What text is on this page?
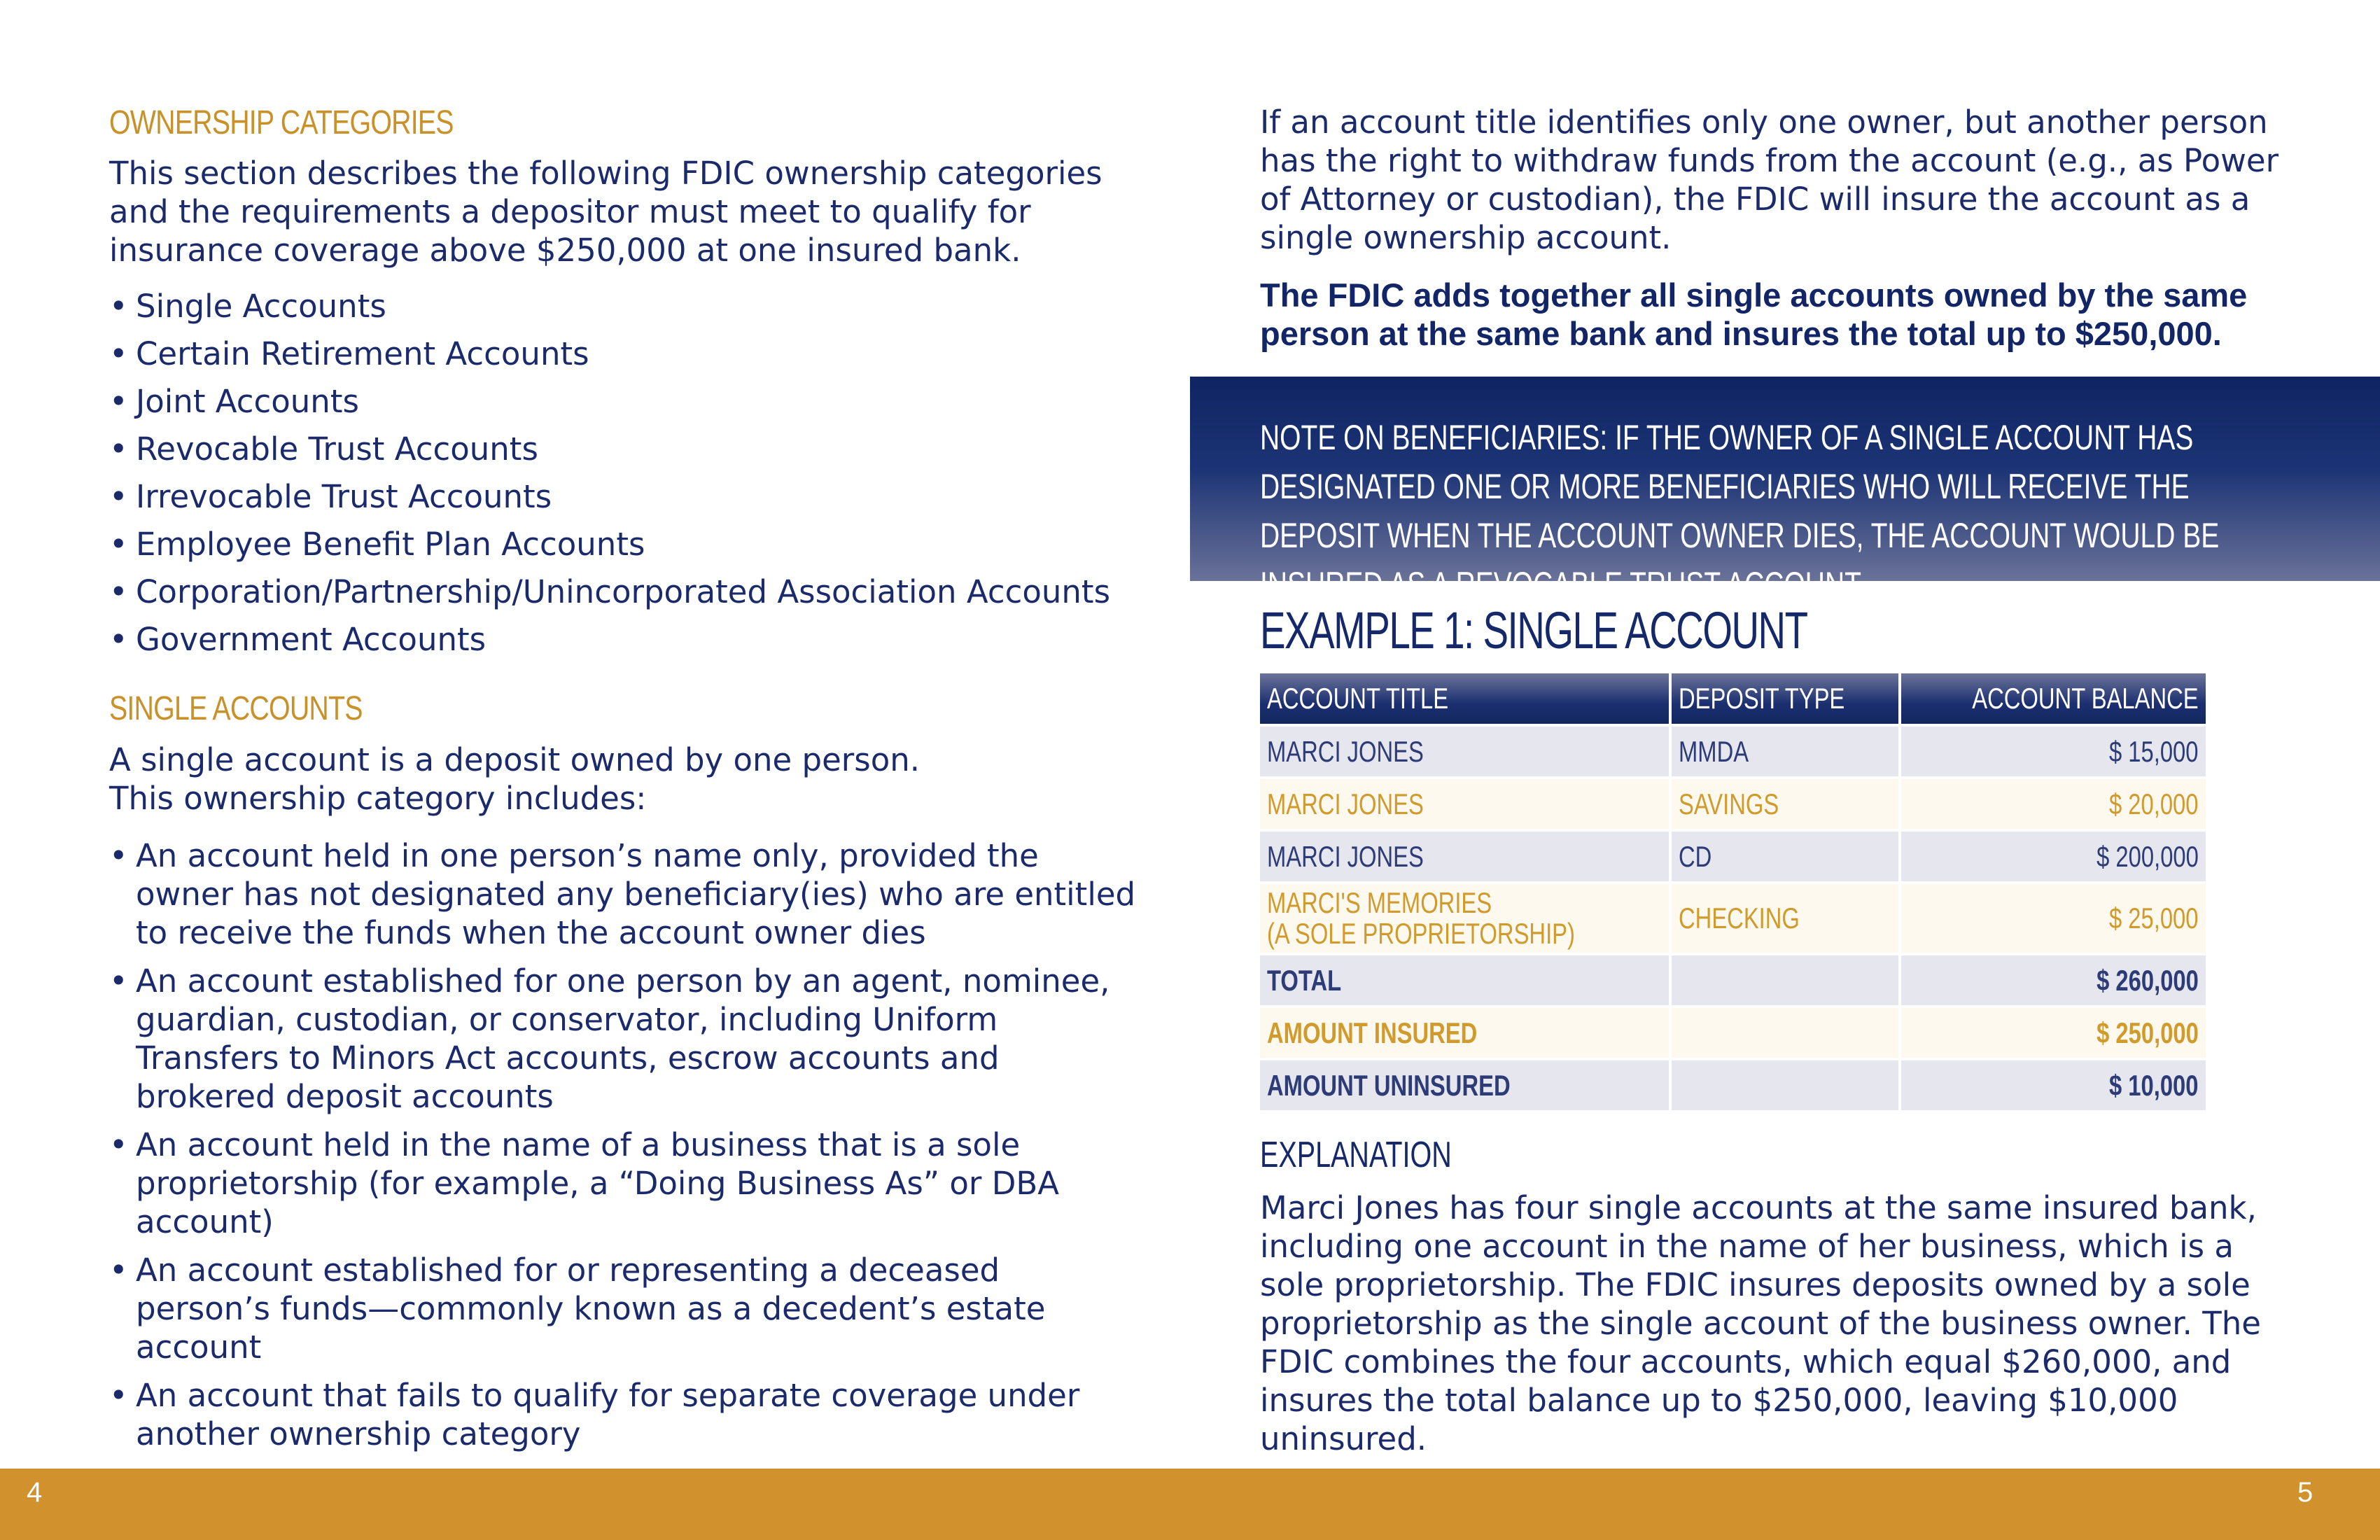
OWNERSHIP CATEGORIES
This section describes the following FDIC ownership categories and the requirements a depositor must meet to qualify for insurance coverage above $250,000 at one insured bank.
• Single Accounts
• Certain Retirement Accounts
• Joint Accounts
• Revocable Trust Accounts
• Irrevocable Trust Accounts
• Employee Benefit Plan Accounts
• Corporation/Partnership/Unincorporated Association Accounts
• Government Accounts
SINGLE ACCOUNTS
A single account is a deposit owned by one person.
This ownership category includes:
• An account held in one person’s name only, provided the owner has not designated any beneficiary(ies) who are entitled to receive the funds when the account owner dies
• An account established for one person by an agent, nominee, guardian, custodian, or conservator, including Uniform Transfers to Minors Act accounts, escrow accounts and brokered deposit accounts
• An account held in the name of a business that is a sole proprietorship (for example, a “Doing Business As” or DBA account)
• An account established for or representing a deceased person’s funds—commonly known as a decedent’s estate account
• An account that fails to qualify for separate coverage under another ownership category
If an account title identifies only one owner, but another person has the right to withdraw funds from the account (e.g., as Power of Attorney or custodian), the FDIC will insure the account as a single ownership account.
The FDIC adds together all single accounts owned by the same person at the same bank and insures the total up to $250,000.
NOTE ON BENEFICIARIES: IF THE OWNER OF A SINGLE ACCOUNT HAS DESIGNATED ONE OR MORE BENEFICIARIES WHO WILL RECEIVE THE DEPOSIT WHEN THE ACCOUNT OWNER DIES, THE ACCOUNT WOULD BE INSURED AS A REVOCABLE TRUST ACCOUNT.
EXAMPLE 1: SINGLE ACCOUNT
ACCOUNT TITLE	DEPOSIT TYPE	ACCOUNT BALANCE
MARCI JONES	MMDA	$ 15,000
MARCI JONES	SAVINGS	$ 20,000
MARCI JONES	CD	$ 200,000
MARCI'S MEMORIES
(A SOLE PROPRIETORSHIP)	CHECKING	$ 25,000
TOTAL		$ 260,000
AMOUNT INSURED		$ 250,000
AMOUNT UNINSURED		$ 10,000
EXPLANATION
Marci Jones has four single accounts at the same insured bank, including one account in the name of her business, which is a sole proprietorship. The FDIC insures deposits owned by a sole proprietorship as the single account of the business owner. The FDIC combines the four accounts, which equal $260,000, and insures the total balance up to $250,000, leaving $10,000 uninsured.
4	5
